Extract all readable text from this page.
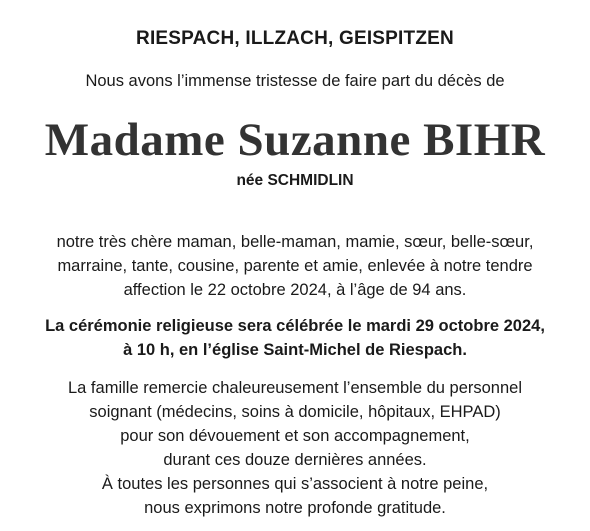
RIESPACH, ILLZACH, GEISPITZEN
Nous avons l’immense tristesse de faire part du décès de
Madame Suzanne BIHR
née SCHMIDLIN
notre très chère maman, belle-maman, mamie, sœur, belle-sœur,
marraine, tante, cousine, parente et amie, enlevée à notre tendre
affection le 22 octobre 2024, à l’âge de 94 ans.
La cérémonie religieuse sera célébrée le mardi 29 octobre 2024,
à 10 h, en l’église Saint-Michel de Riespach.
La famille remercie chaleureusement l’ensemble du personnel
soignant (médecins, soins à domicile, hôpitaux, EHPAD)
pour son dévouement et son accompagnement,
durant ces douze dernières années.
À toutes les personnes qui s’associent à notre peine,
nous exprimons notre profonde gratitude.
